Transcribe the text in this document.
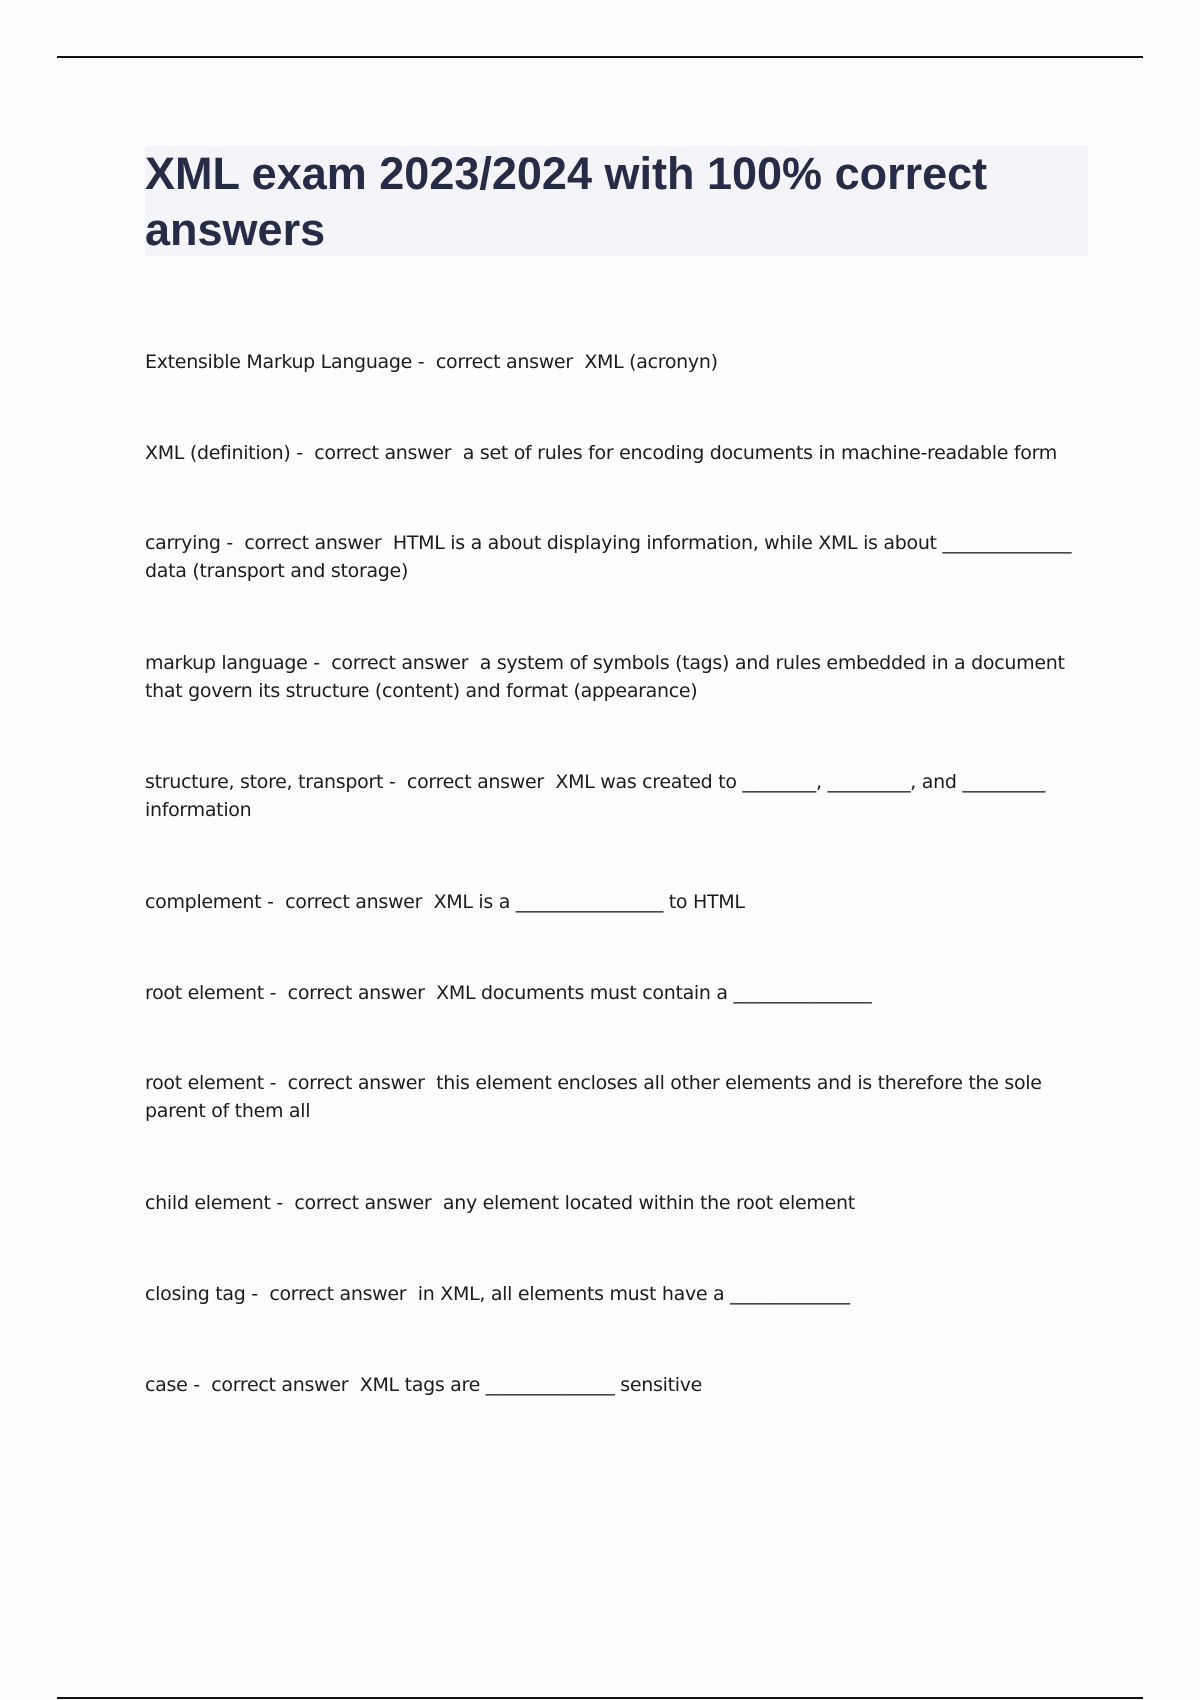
XML exam 2023/2024 with 100% correct answers
Extensible Markup Language -  correct answer  XML (acronyn)
XML (definition) -  correct answer  a set of rules for encoding documents in machine-readable form
carrying -  correct answer  HTML is a about displaying information, while XML is about ______________ data (transport and storage)
markup language -  correct answer  a system of symbols (tags) and rules embedded in a document that govern its structure (content) and format (appearance)
structure, store, transport -  correct answer  XML was created to ________, _________, and _________ information
complement -  correct answer  XML is a ________________ to HTML
root element -  correct answer  XML documents must contain a _______________
root element -  correct answer  this element encloses all other elements and is therefore the sole parent of them all
child element -  correct answer  any element located within the root element
closing tag -  correct answer  in XML, all elements must have a _____________
case -  correct answer  XML tags are ______________ sensitive
